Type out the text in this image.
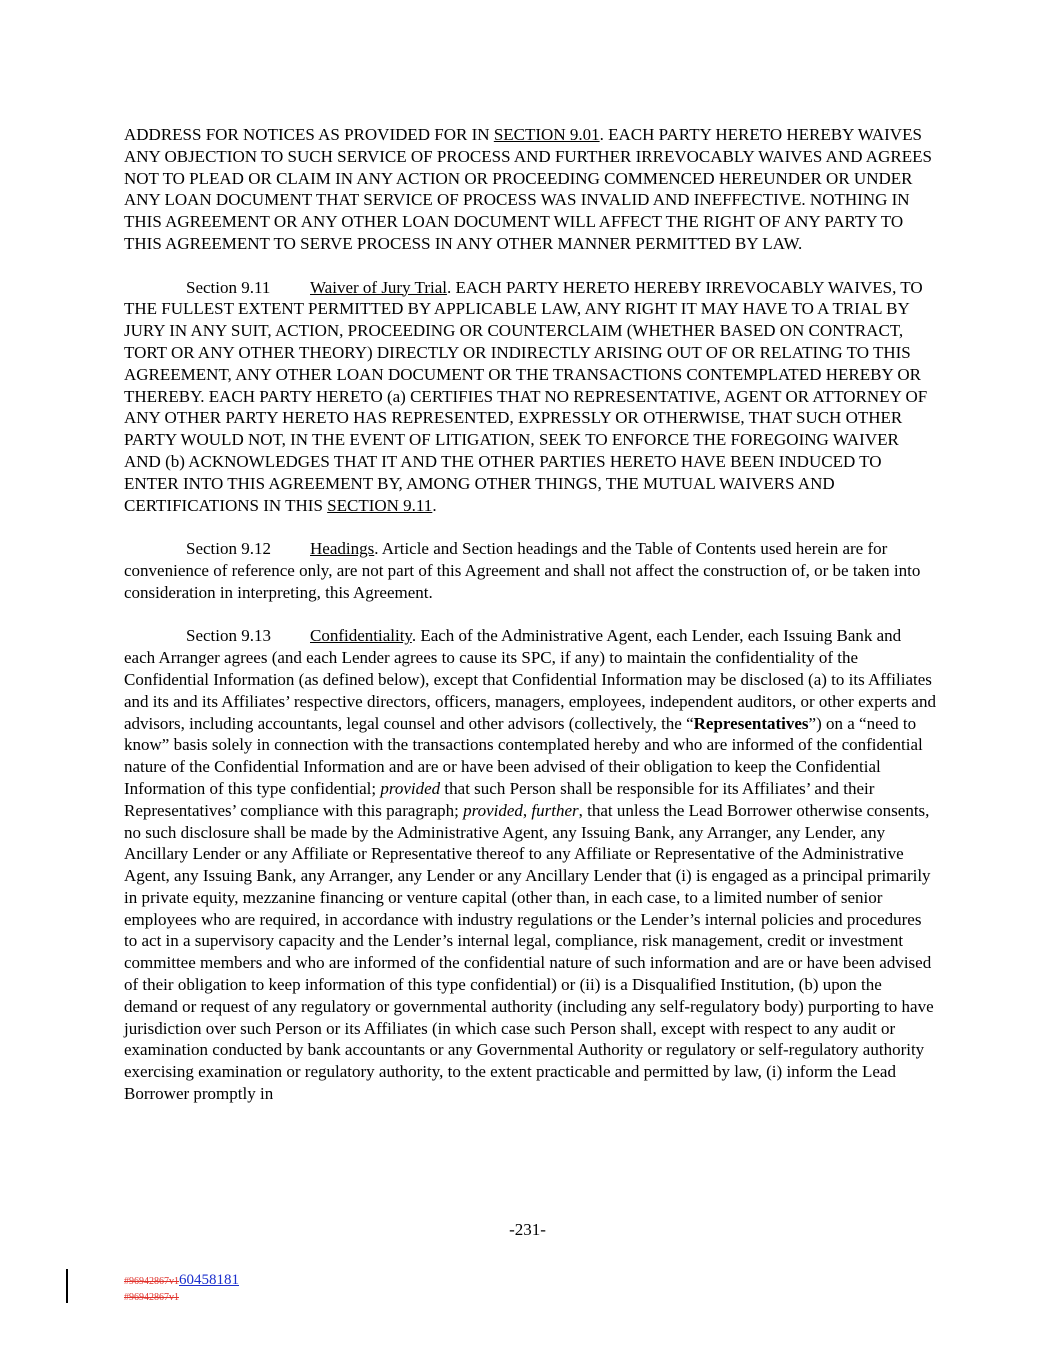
ADDRESS FOR NOTICES AS PROVIDED FOR IN SECTION 9.01. EACH PARTY HERETO HEREBY WAIVES ANY OBJECTION TO SUCH SERVICE OF PROCESS AND FURTHER IRREVOCABLY WAIVES AND AGREES NOT TO PLEAD OR CLAIM IN ANY ACTION OR PROCEEDING COMMENCED HEREUNDER OR UNDER ANY LOAN DOCUMENT THAT SERVICE OF PROCESS WAS INVALID AND INEFFECTIVE. NOTHING IN THIS AGREEMENT OR ANY OTHER LOAN DOCUMENT WILL AFFECT THE RIGHT OF ANY PARTY TO THIS AGREEMENT TO SERVE PROCESS IN ANY OTHER MANNER PERMITTED BY LAW.

Section 9.11 Waiver of Jury Trial. EACH PARTY HERETO HEREBY IRREVOCABLY WAIVES, TO THE FULLEST EXTENT PERMITTED BY APPLICABLE LAW, ANY RIGHT IT MAY HAVE TO A TRIAL BY JURY IN ANY SUIT, ACTION, PROCEEDING OR COUNTERCLAIM (WHETHER BASED ON CONTRACT, TORT OR ANY OTHER THEORY) DIRECTLY OR INDIRECTLY ARISING OUT OF OR RELATING TO THIS AGREEMENT, ANY OTHER LOAN DOCUMENT OR THE TRANSACTIONS CONTEMPLATED HEREBY OR THEREBY. EACH PARTY HERETO (a) CERTIFIES THAT NO REPRESENTATIVE, AGENT OR ATTORNEY OF ANY OTHER PARTY HERETO HAS REPRESENTED, EXPRESSLY OR OTHERWISE, THAT SUCH OTHER PARTY WOULD NOT, IN THE EVENT OF LITIGATION, SEEK TO ENFORCE THE FOREGOING WAIVER AND (b) ACKNOWLEDGES THAT IT AND THE OTHER PARTIES HERETO HAVE BEEN INDUCED TO ENTER INTO THIS AGREEMENT BY, AMONG OTHER THINGS, THE MUTUAL WAIVERS AND CERTIFICATIONS IN THIS SECTION 9.11.

Section 9.12 Headings. Article and Section headings and the Table of Contents used herein are for convenience of reference only, are not part of this Agreement and shall not affect the construction of, or be taken into consideration in interpreting, this Agreement.

Section 9.13 Confidentiality. Each of the Administrative Agent, each Lender, each Issuing Bank and each Arranger agrees (and each Lender agrees to cause its SPC, if any) to maintain the confidentiality of the Confidential Information (as defined below), except that Confidential Information may be disclosed (a) to its Affiliates and its and its Affiliates’ respective directors, officers, managers, employees, independent auditors, or other experts and advisors, including accountants, legal counsel and other advisors (collectively, the “Representatives”) on a “need to know” basis solely in connection with the transactions contemplated hereby and who are informed of the confidential nature of the Confidential Information and are or have been advised of their obligation to keep the Confidential Information of this type confidential; provided that such Person shall be responsible for its Affiliates’ and their Representatives’ compliance with this paragraph; provided, further, that unless the Lead Borrower otherwise consents, no such disclosure shall be made by the Administrative Agent, any Issuing Bank, any Arranger, any Lender, any Ancillary Lender or any Affiliate or Representative thereof to any Affiliate or Representative of the Administrative Agent, any Issuing Bank, any Arranger, any Lender or any Ancillary Lender that (i) is engaged as a principal primarily in private equity, mezzanine financing or venture capital (other than, in each case, to a limited number of senior employees who are required, in accordance with industry regulations or the Lender’s internal policies and procedures to act in a supervisory capacity and the Lender’s internal legal, compliance, risk management, credit or investment committee members and who are informed of the confidential nature of such information and are or have been advised of their obligation to keep information of this type confidential) or (ii) is a Disqualified Institution, (b) upon the demand or request of any regulatory or governmental authority (including any self-regulatory body) purporting to have jurisdiction over such Person or its Affiliates (in which case such Person shall, except with respect to any audit or examination conducted by bank accountants or any Governmental Authority or regulatory or self-regulatory authority exercising examination or regulatory authority, to the extent practicable and permitted by law, (i) inform the Lead Borrower promptly in

-231-
#96942867v160458181
#96942867v1
